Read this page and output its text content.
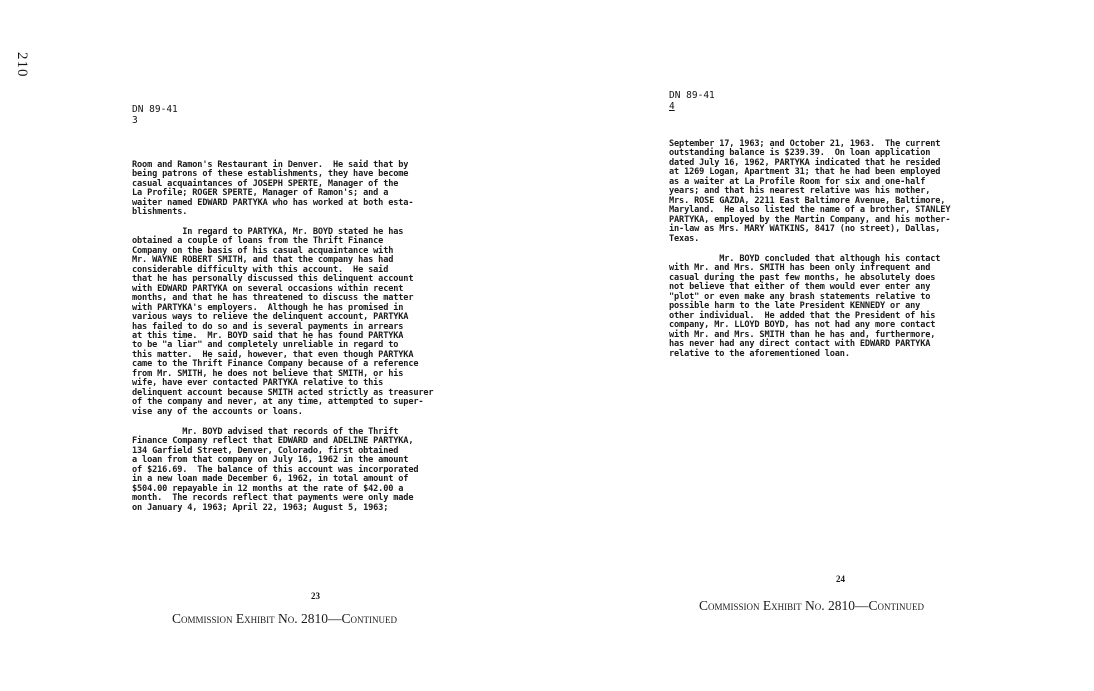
210
DN 89-41
3
Room and Ramon's Restaurant in Denver.  He said that by
being patrons of these establishments, they have become
casual acquaintances of JOSEPH SPERTE, Manager of the
La Profile; ROGER SPERTE, Manager of Ramon's; and a
waiter named EDWARD PARTYKA who has worked at both esta-
blishments.
In regard to PARTYKA, Mr. BOYD stated he has
obtained a couple of loans from the Thrift Finance
Company on the basis of his casual acquaintance with
Mr. WAYNE ROBERT SMITH, and that the company has had
considerable difficulty with this account.  He said
that he has personally discussed this delinquent account
with EDWARD PARTYKA on several occasions within recent
months, and that he has threatened to discuss the matter
with PARTYKA's employers.  Although he has promised in
various ways to relieve the delinquent account, PARTYKA
has failed to do so and is several payments in arrears
at this time.  Mr. BOYD said that he has found PARTYKA
to be "a liar" and completely unreliable in regard to
this matter.  He said, however, that even though PARTYKA
came to the Thrift Finance Company because of a reference
from Mr. SMITH, he does not believe that SMITH, or his
wife, have ever contacted PARTYKA relative to this
delinquent account because SMITH acted strictly as treasurer
of the company and never, at any time, attempted to super-
vise any of the accounts or loans.
Mr. BOYD advised that records of the Thrift
Finance Company reflect that EDWARD and ADELINE PARTYKA,
134 Garfield Street, Denver, Colorado, first obtained
a loan from that company on July 16, 1962 in the amount
of $216.69.  The balance of this account was incorporated
in a new loan made December 6, 1962, in total amount of
$504.00 repayable in 12 months at the rate of $42.00 a
month.  The records reflect that payments were only made
on January 4, 1963; April 22, 1963; August 5, 1963;
23
Commission Exhibit No. 2810—Continued
DN 89-41
4
September 17, 1963; and October 21, 1963.  The current
outstanding balance is $239.39.  On loan application
dated July 16, 1962, PARTYKA indicated that he resided
at 1269 Logan, Apartment 31; that he had been employed
as a waiter at La Profile Room for six and one-half
years; and that his nearest relative was his mother,
Mrs. ROSE GAZDA, 2211 East Baltimore Avenue, Baltimore,
Maryland.  He also listed the name of a brother, STANLEY
PARTYKA, employed by the Martin Company, and his mother-
in-law as Mrs. MARY WATKINS, 8417 (no street), Dallas,
Texas.
Mr. BOYD concluded that although his contact
with Mr. and Mrs. SMITH has been only infrequent and
casual during the past few months, he absolutely does
not believe that either of them would ever enter any
"plot" or even make any brash statements relative to
possible harm to the late President KENNEDY or any
other individual.  He added that the President of his
company, Mr. LLOYD BOYD, has not had any more contact
with Mr. and Mrs. SMITH than he has and, furthermore,
has never had any direct contact with EDWARD PARTYKA
relative to the aforementioned loan.
24
Commission Exhibit No. 2810—Continued
